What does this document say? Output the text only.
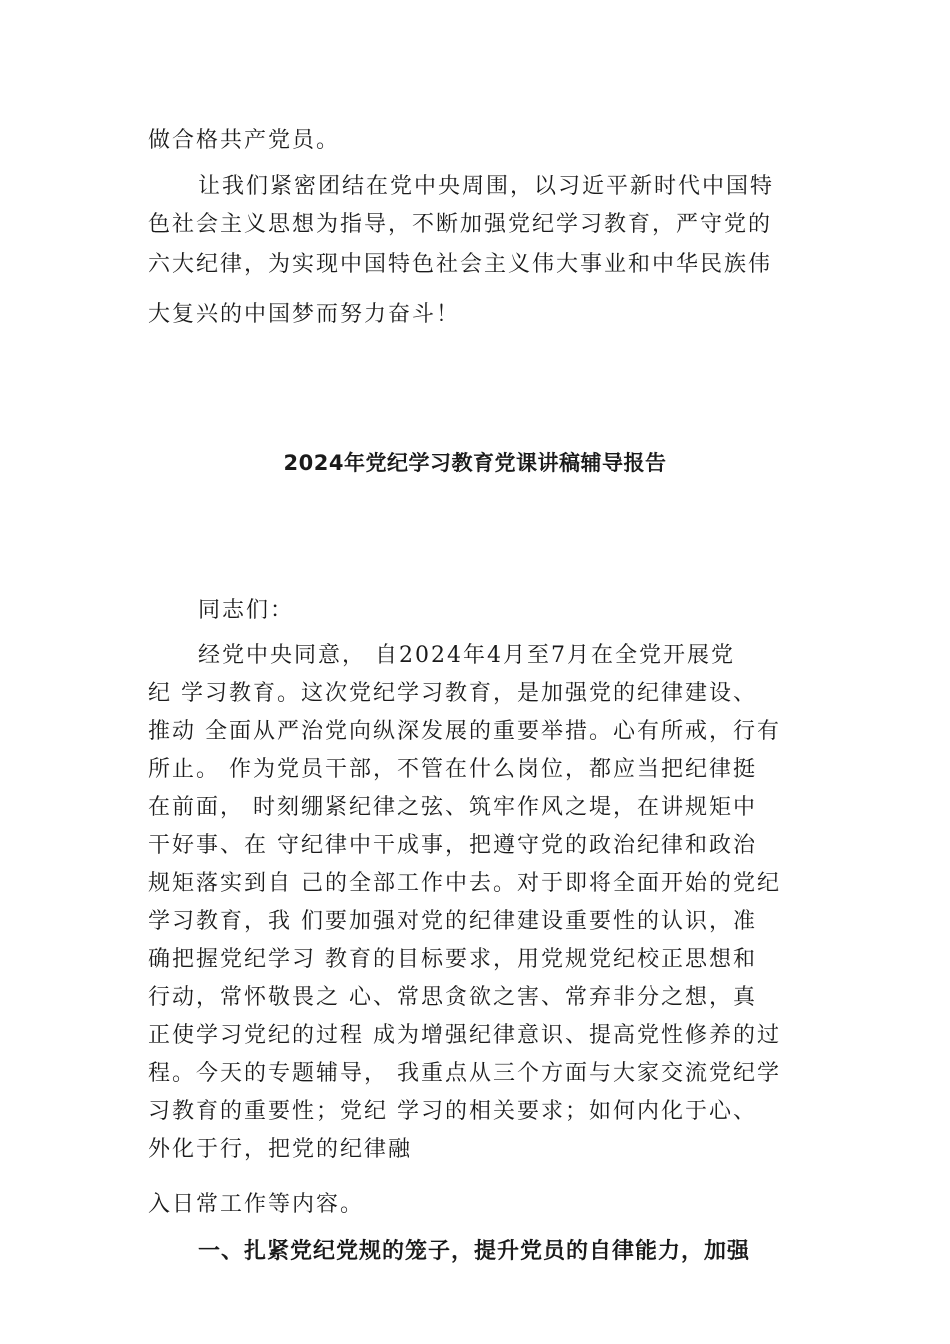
做合格共产党员。
让我们紧密团结在党中央周围，以习近平新时代中国特
色社会主义思想为指导，不断加强党纪学习教育，严守党的
六大纪律，为实现中国特色社会主义伟大事业和中华民族伟
大复兴的中国梦而努力奋斗！
2024年党纪学习教育党课讲稿辅导报告
同志们：
经党中央同意， 自2024年4月至7月在全党开展党
纪 学习教育。这次党纪学习教育，是加强党的纪律建设、
推动 全面从严治党向纵深发展的重要举措。心有所戒，行有
所止。 作为党员干部，不管在什么岗位，都应当把纪律挺
在前面， 时刻绷紧纪律之弦、筑牢作风之堤，在讲规矩中
干好事、在 守纪律中干成事，把遵守党的政治纪律和政治
规矩落实到自 己的全部工作中去。对于即将全面开始的党纪
学习教育，我 们要加强对党的纪律建设重要性的认识，准
确把握党纪学习 教育的目标要求，用党规党纪校正思想和
行动，常怀敬畏之 心、常思贪欲之害、常弃非分之想，真
正使学习党纪的过程 成为增强纪律意识、提高党性修养的过
程。今天的专题辅导， 我重点从三个方面与大家交流党纪学
习教育的重要性；党纪 学习的相关要求；如何内化于心、
外化于行，把党的纪律融
入日常工作等内容。
一、扎紧党纪党规的笼子，提升党员的自律能力，加强
